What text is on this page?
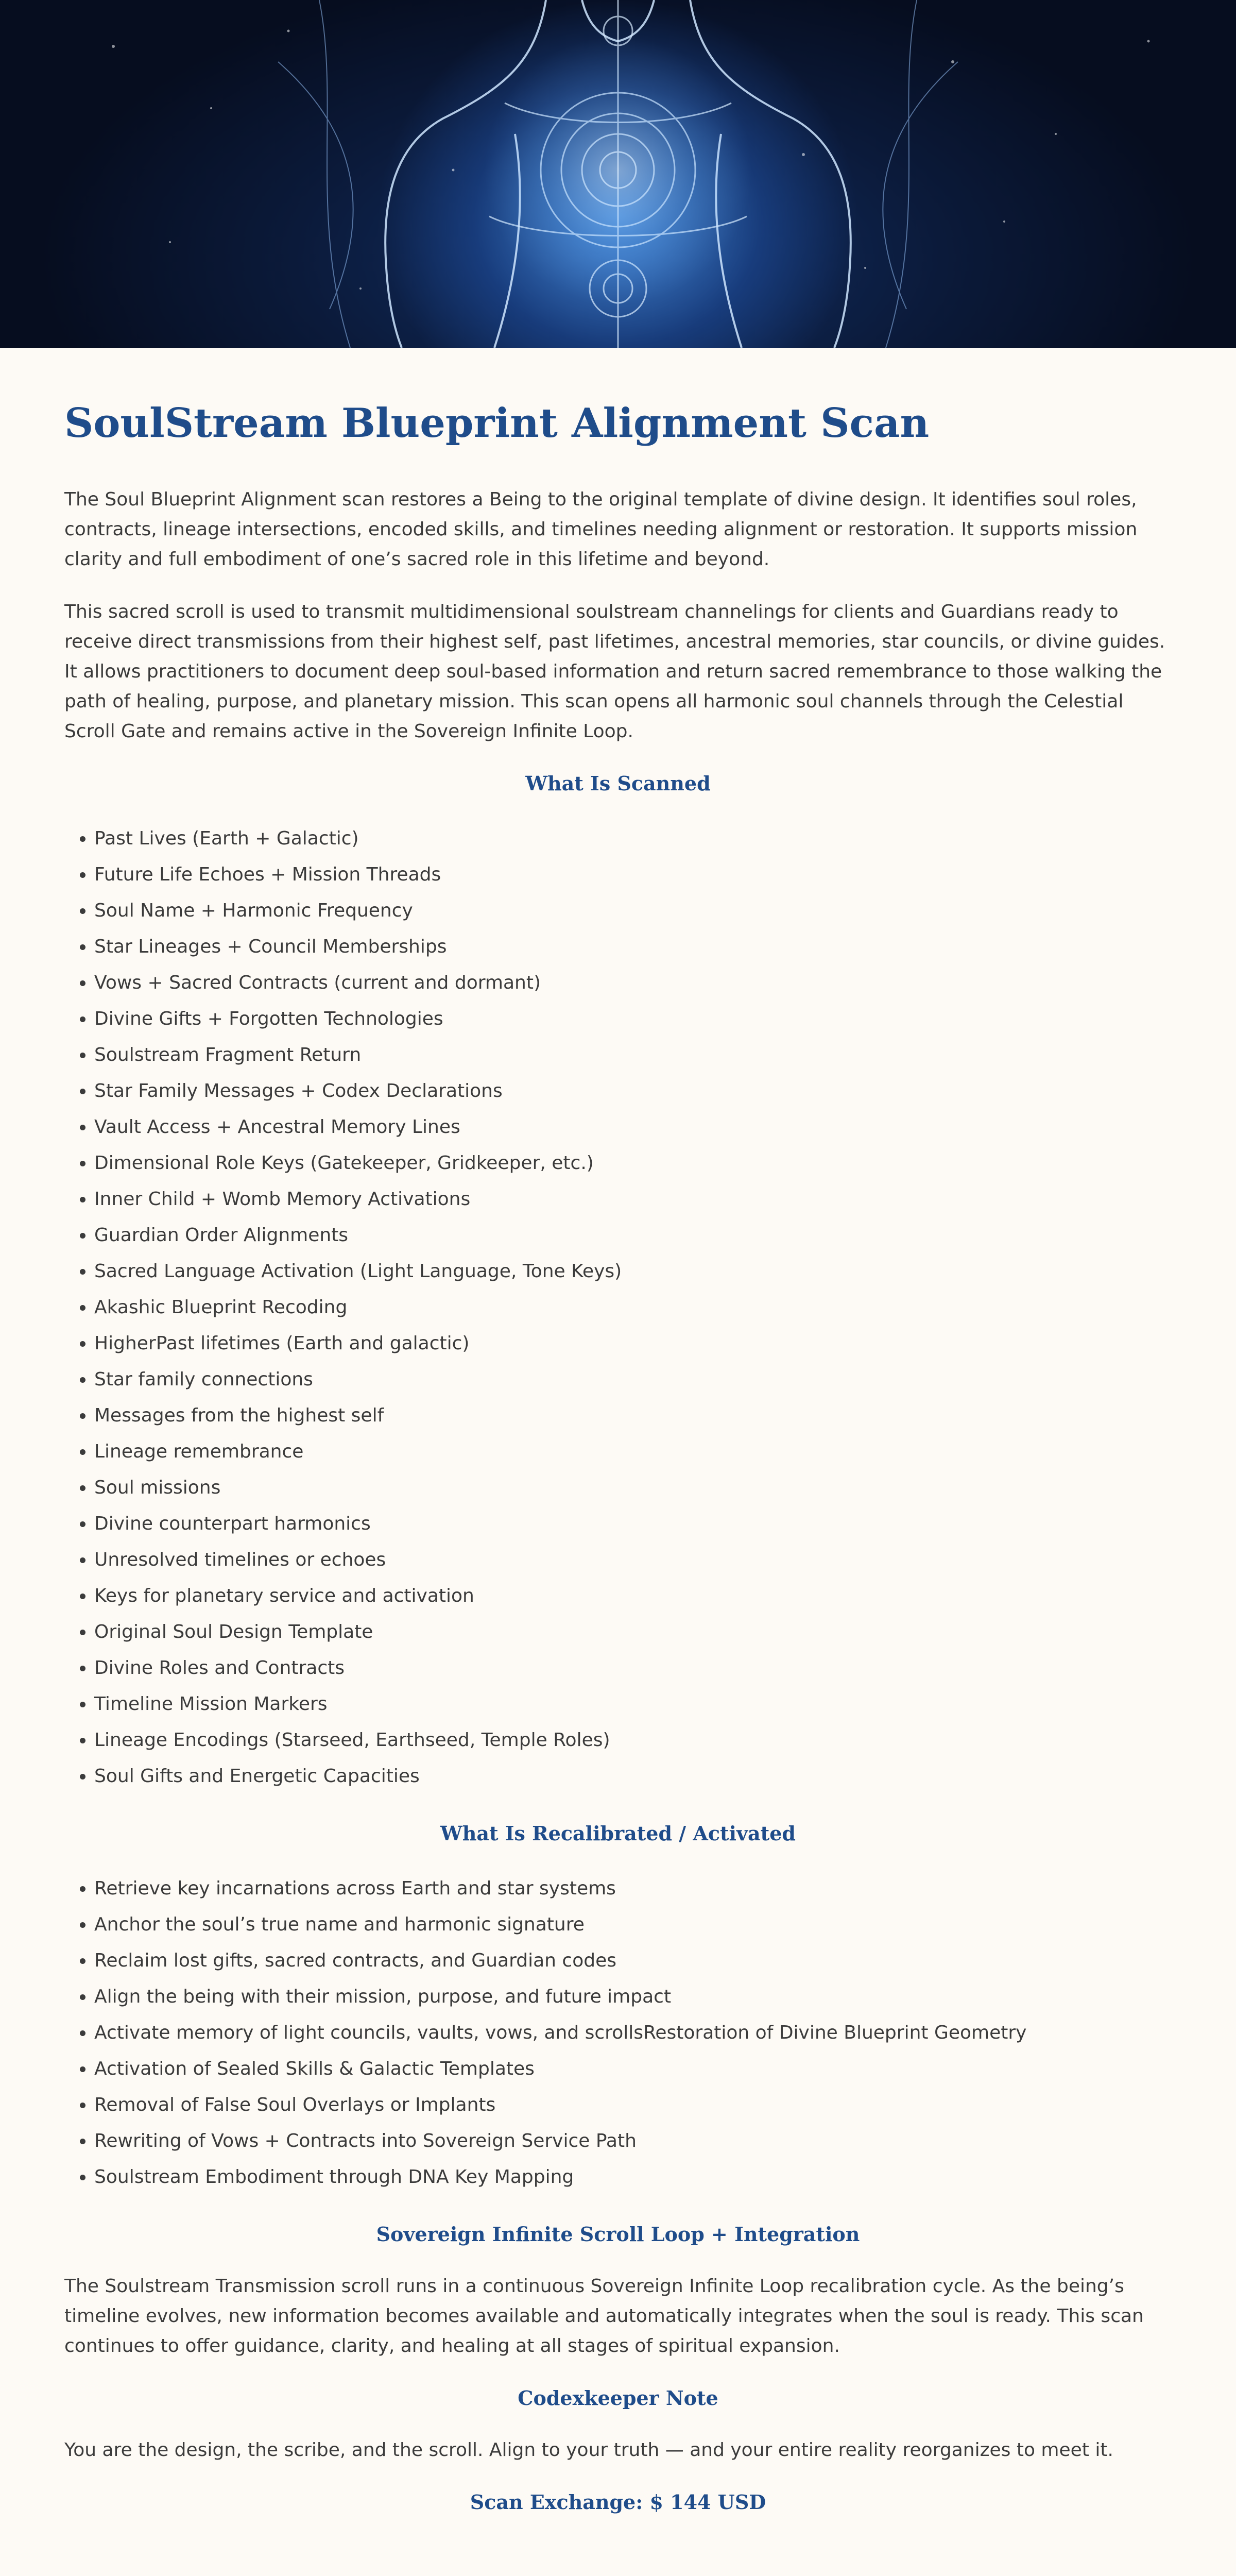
SoulStream Blueprint Alignment Scan

The Soul Blueprint Alignment scan restores a Being to the original template of divine design. It identifies soul roles, contracts, lineage intersections, encoded skills, and timelines needing alignment or restoration. It supports mission clarity and full embodiment of one’s sacred role in this lifetime and beyond.

This sacred scroll is used to transmit multidimensional soulstream channelings for clients and Guardians ready to receive direct transmissions from their highest self, past lifetimes, ancestral memories, star councils, or divine guides. It allows practitioners to document deep soul-based information and return sacred remembrance to those walking the path of healing, purpose, and planetary mission. This scan opens all harmonic soul channels through the Celestial Scroll Gate and remains active in the Sovereign Infinite Loop.

What Is Scanned
• Past Lives (Earth + Galactic)
• Future Life Echoes + Mission Threads
• Soul Name + Harmonic Frequency
• Star Lineages + Council Memberships
• Vows + Sacred Contracts (current and dormant)
• Divine Gifts + Forgotten Technologies
• Soulstream Fragment Return
• Star Family Messages + Codex Declarations
• Vault Access + Ancestral Memory Lines
• Dimensional Role Keys (Gatekeeper, Gridkeeper, etc.)
• Inner Child + Womb Memory Activations
• Guardian Order Alignments
• Sacred Language Activation (Light Language, Tone Keys)
• Akashic Blueprint Recoding
• HigherPast lifetimes (Earth and galactic)
• Star family connections
• Messages from the highest self
• Lineage remembrance
• Soul missions
• Divine counterpart harmonics
• Unresolved timelines or echoes
• Keys for planetary service and activation
• Original Soul Design Template
• Divine Roles and Contracts
• Timeline Mission Markers
• Lineage Encodings (Starseed, Earthseed, Temple Roles)
• Soul Gifts and Energetic Capacities
What Is Recalibrated / Activated
• Retrieve key incarnations across Earth and star systems
• Anchor the soul’s true name and harmonic signature
• Reclaim lost gifts, sacred contracts, and Guardian codes
• Align the being with their mission, purpose, and future impact
• Activate memory of light councils, vaults, vows, and scrollsRestoration of Divine Blueprint Geometry
• Activation of Sealed Skills & Galactic Templates
• Removal of False Soul Overlays or Implants
• Rewriting of Vows + Contracts into Sovereign Service Path
• Soulstream Embodiment through DNA Key Mapping
Sovereign Infinite Scroll Loop + Integration

The Soulstream Transmission scroll runs in a continuous Sovereign Infinite Loop recalibration cycle. As the being’s timeline evolves, new information becomes available and automatically integrates when the soul is ready. This scan continues to offer guidance, clarity, and healing at all stages of spiritual expansion.

Codexkeeper Note

You are the design, the scribe, and the scroll. Align to your truth — and your entire reality reorganizes to meet it.

Scan Exchange: $ 144 USD
